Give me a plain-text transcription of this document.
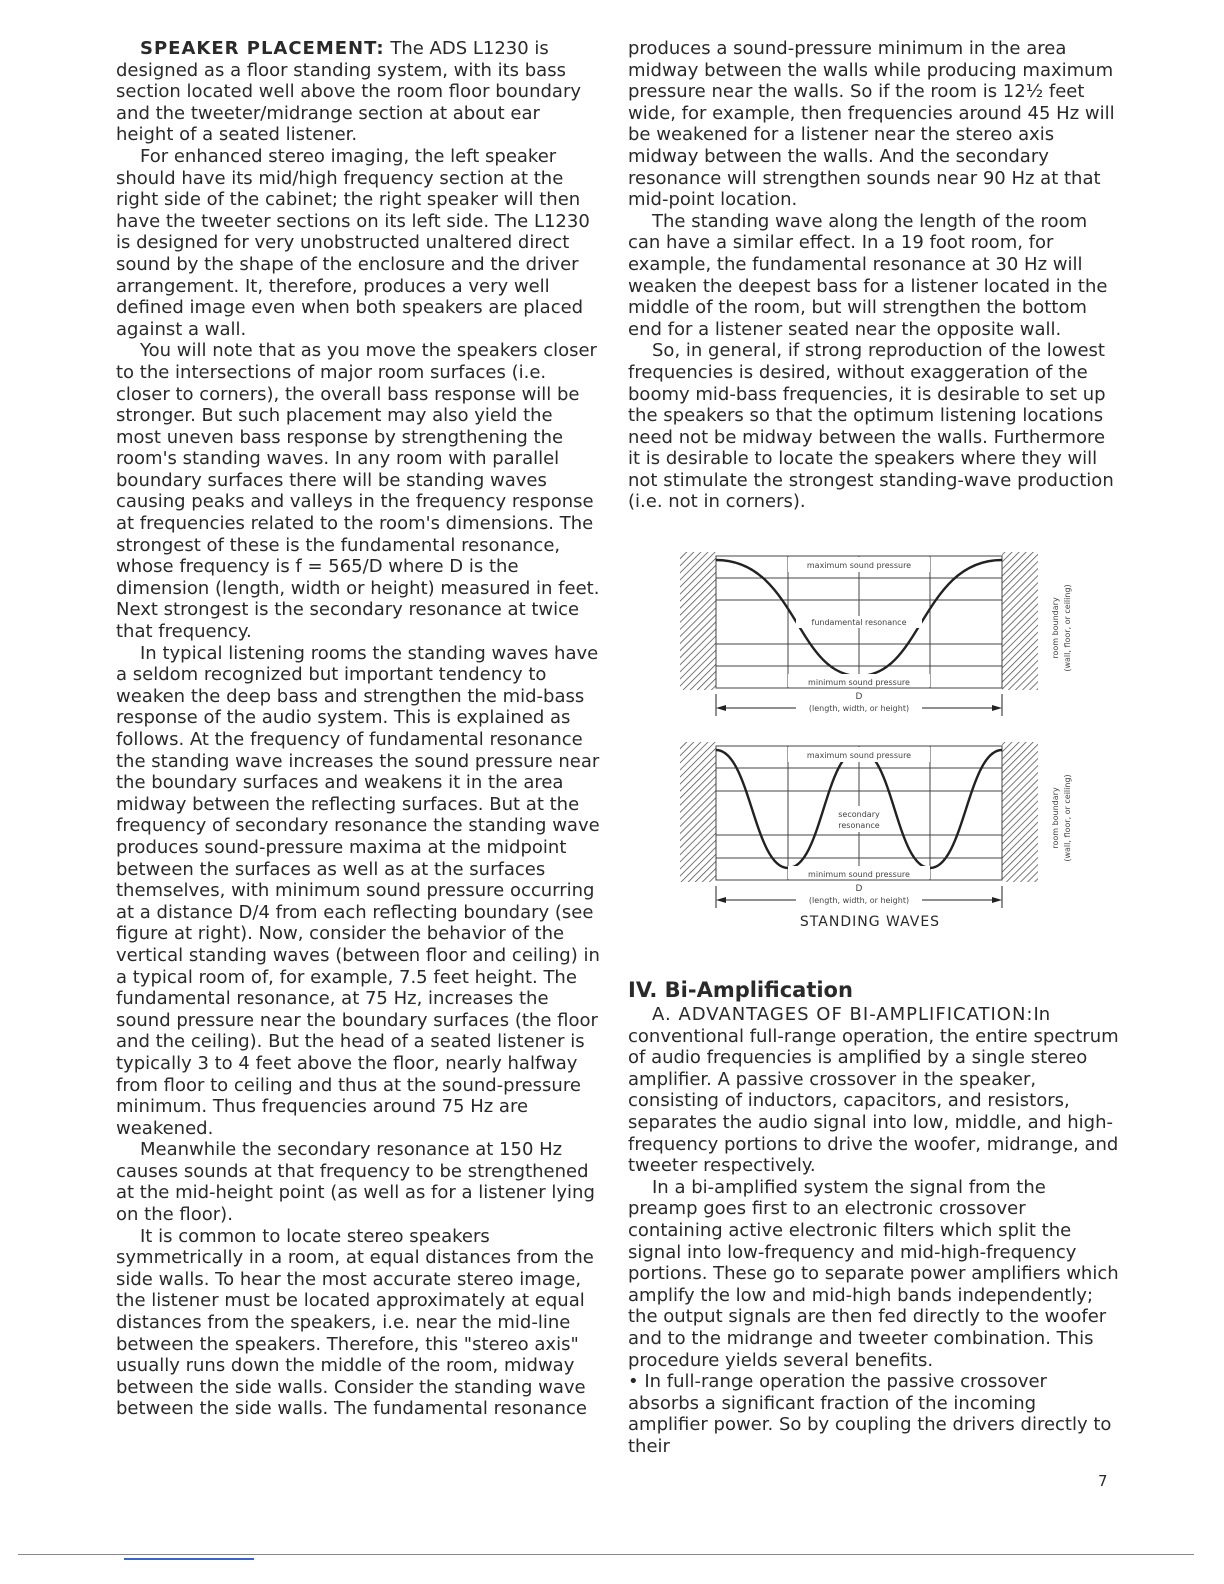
SPEAKER PLACEMENT: The ADS L1230 is designed as a floor standing system, with its bass section located well above the room floor boundary and the tweeter/midrange section at about ear height of a seated listener.

For enhanced stereo imaging, the left speaker should have its mid/high frequency section at the right side of the cabinet; the right speaker will then have the tweeter sections on its left side. The L1230 is designed for very unobstructed unaltered direct sound by the shape of the enclosure and the driver arrangement. It, therefore, produces a very well defined image even when both speakers are placed against a wall.

You will note that as you move the speakers closer to the intersections of major room surfaces (i.e. closer to corners), the overall bass response will be stronger. But such placement may also yield the most uneven bass response by strengthening the room's standing waves. In any room with parallel boundary surfaces there will be standing waves causing peaks and valleys in the frequency response at frequencies related to the room's dimensions. The strongest of these is the fundamental resonance, whose frequency is f = 565/D where D is the dimension (length, width or height) measured in feet. Next strongest is the secondary resonance at twice that frequency.

In typical listening rooms the standing waves have a seldom recognized but important tendency to weaken the deep bass and strengthen the mid-bass response of the audio system. This is explained as follows. At the frequency of fundamental resonance the standing wave increases the sound pressure near the boundary surfaces and weakens it in the area midway between the reflecting surfaces. But at the frequency of secondary resonance the standing wave produces sound-pressure maxima at the midpoint between the surfaces as well as at the surfaces themselves, with minimum sound pressure occurring at a distance D/4 from each reflecting boundary (see figure at right). Now, consider the behavior of the vertical standing waves (between floor and ceiling) in a typical room of, for example, 7.5 feet height. The fundamental resonance, at 75 Hz, increases the sound pressure near the boundary surfaces (the floor and the ceiling). But the head of a seated listener is typically 3 to 4 feet above the floor, nearly halfway from floor to ceiling and thus at the sound-pressure minimum. Thus frequencies around 75 Hz are weakened.

Meanwhile the secondary resonance at 150 Hz causes sounds at that frequency to be strengthened at the mid-height point (as well as for a listener lying on the floor).

It is common to locate stereo speakers symmetrically in a room, at equal distances from the side walls. To hear the most accurate stereo image, the listener must be located approximately at equal distances from the speakers, i.e. near the mid-line between the speakers. Therefore, this "stereo axis" usually runs down the middle of the room, midway between the side walls. Consider the standing wave between the side walls. The fundamental resonance

produces a sound-pressure minimum in the area midway between the walls while producing maximum pressure near the walls. So if the room is 12½ feet wide, for example, then frequencies around 45 Hz will be weakened for a listener near the stereo axis midway between the walls. And the secondary resonance will strengthen sounds near 90 Hz at that mid-point location.

The standing wave along the length of the room can have a similar effect. In a 19 foot room, for example, the fundamental resonance at 30 Hz will weaken the deepest bass for a listener located in the middle of the room, but will strengthen the bottom end for a listener seated near the opposite wall.

So, in general, if strong reproduction of the lowest frequencies is desired, without exaggeration of the boomy mid-bass frequencies, it is desirable to set up the speakers so that the optimum listening locations need not be midway between the walls. Furthermore it is desirable to locate the speakers where they will not stimulate the strongest standing-wave production (i.e. not in corners).

maximum sound pressure
fundamental resonance
minimum sound pressure
D
(length, width, or height)
room boundary (wall, floor, or ceiling)
maximum sound pressure
secondary
resonance
minimum sound pressure
D
(length, width, or height)
room boundary (wall, floor, or ceiling)
STANDING WAVES
IV. Bi-Amplification

A. ADVANTAGES OF BI-AMPLIFICATION:In conventional full-range operation, the entire spectrum of audio frequencies is amplified by a single stereo amplifier. A passive crossover in the speaker, consisting of inductors, capacitors, and resistors, separates the audio signal into low, middle, and high-frequency portions to drive the woofer, midrange, and tweeter respectively.

In a bi-amplified system the signal from the preamp goes first to an electronic crossover containing active electronic filters which split the signal into low-frequency and mid-high-frequency portions. These go to separate power amplifiers which amplify the low and mid-high bands independently; the output signals are then fed directly to the woofer and to the midrange and tweeter combination. This procedure yields several benefits.

• In full-range operation the passive crossover absorbs a significant fraction of the incoming amplifier power. So by coupling the drivers directly to their

7
